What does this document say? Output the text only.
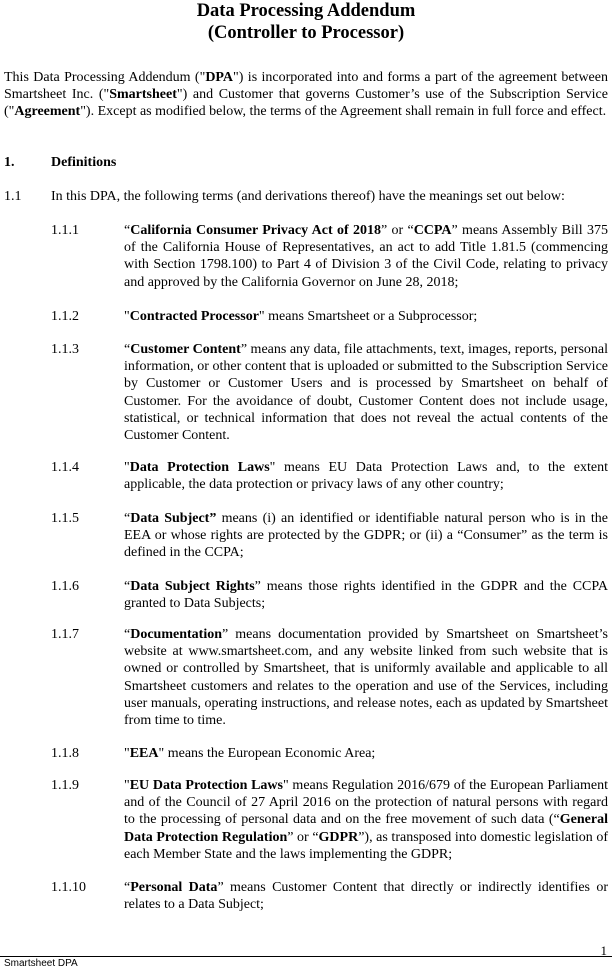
Data Processing Addendum
(Controller to Processor)
This Data Processing Addendum ("DPA") is incorporated into and forms a part of the agreement between Smartsheet Inc. ("Smartsheet") and Customer that governs Customer’s use of the Subscription Service ("Agreement"). Except as modified below, the terms of the Agreement shall remain in full force and effect.
1.	Definitions
1.1 In this DPA, the following terms (and derivations thereof) have the meanings set out below:
1.1.1	“California Consumer Privacy Act of 2018” or “CCPA” means Assembly Bill 375 of the California House of Representatives, an act to add Title 1.81.5 (commencing with Section 1798.100) to Part 4 of Division 3 of the Civil Code, relating to privacy and approved by the California Governor on June 28, 2018;
1.1.2	"Contracted Processor" means Smartsheet or a Subprocessor;
1.1.3	“Customer Content” means any data, file attachments, text, images, reports, personal information, or other content that is uploaded or submitted to the Subscription Service by Customer or Customer Users and is processed by Smartsheet on behalf of Customer. For the avoidance of doubt, Customer Content does not include usage, statistical, or technical information that does not reveal the actual contents of the Customer Content.
1.1.4	"Data Protection Laws" means EU Data Protection Laws and, to the extent applicable, the data protection or privacy laws of any other country;
1.1.5	“Data Subject” means (i) an identified or identifiable natural person who is in the EEA or whose rights are protected by the GDPR; or (ii) a “Consumer” as the term is defined in the CCPA;
1.1.6	“Data Subject Rights” means those rights identified in the GDPR and the CCPA granted to Data Subjects;
1.1.7	“Documentation” means documentation provided by Smartsheet on Smartsheet’s website at www.smartsheet.com, and any website linked from such website that is owned or controlled by Smartsheet, that is uniformly available and applicable to all Smartsheet customers and relates to the operation and use of the Services, including user manuals, operating instructions, and release notes, each as updated by Smartsheet from time to time.
1.1.8	"EEA" means the European Economic Area;
1.1.9	"EU Data Protection Laws" means Regulation 2016/679 of the European Parliament and of the Council of 27 April 2016 on the protection of natural persons with regard to the processing of personal data and on the free movement of such data (“General Data Protection Regulation” or “GDPR”), as transposed into domestic legislation of each Member State and the laws implementing the GDPR;
1.1.10	“Personal Data” means Customer Content that directly or indirectly identifies or relates to a Data Subject;
1
Smartsheet DPA
